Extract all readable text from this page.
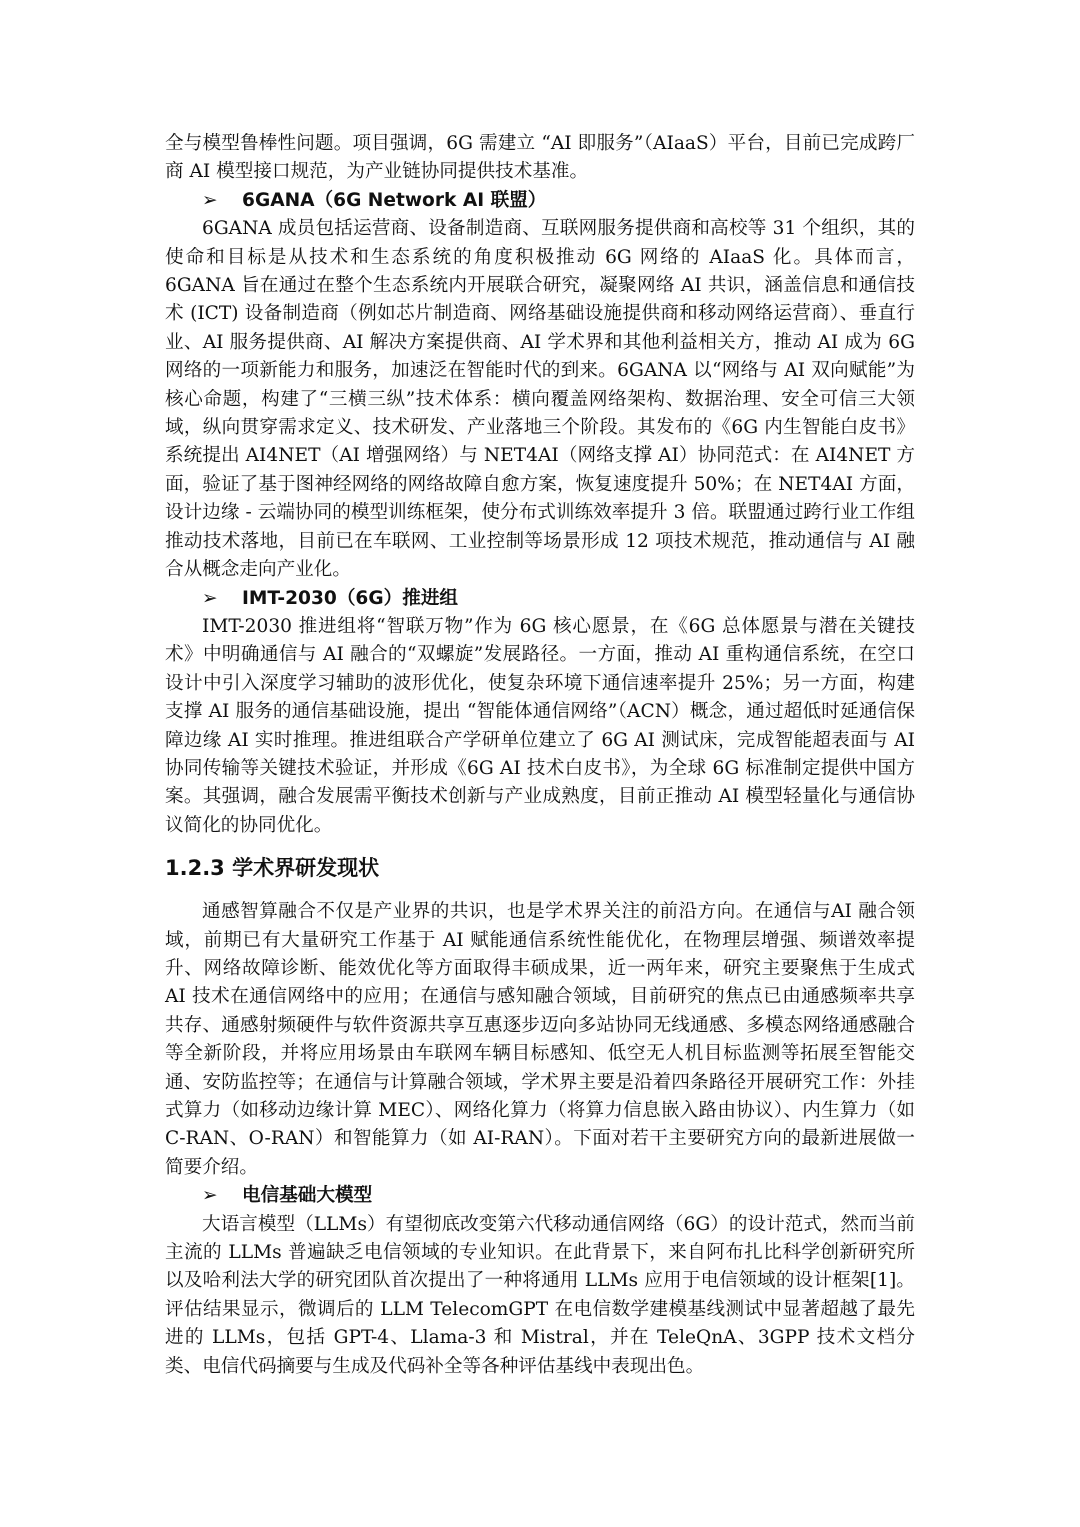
全与模型鲁棒性问题。项目强调，6G 需建立 “AI 即服务”（AIaaS）平台，目前已完成跨厂商 AI 模型接口规范，为产业链协同提供技术基准。

➢ 6GANA（6G Network AI 联盟）

6GANA 成员包括运营商、设备制造商、互联网服务提供商和高校等 31 个组织，其的使命和目标是从技术和生态系统的角度积极推动 6G 网络的 AIaaS 化。具体而言，6GANA 旨在通过在整个生态系统内开展联合研究，凝聚网络 AI 共识，涵盖信息和通信技术 (ICT) 设备制造商（例如芯片制造商、网络基础设施提供商和移动网络运营商）、垂直行业、AI 服务提供商、AI 解决方案提供商、AI 学术界和其他利益相关方，推动 AI 成为 6G 网络的一项新能力和服务，加速泛在智能时代的到来。6GANA 以“网络与 AI 双向赋能”为核心命题，构建了“三横三纵”技术体系：横向覆盖网络架构、数据治理、安全可信三大领域，纵向贯穿需求定义、技术研发、产业落地三个阶段。其发布的《6G 内生智能白皮书》系统提出 AI4NET（AI 增强网络）与 NET4AI（网络支撑 AI）协同范式：在 AI4NET 方面，验证了基于图神经网络的网络故障自愈方案，恢复速度提升 50%；在 NET4AI 方面，设计边缘 - 云端协同的模型训练框架，使分布式训练效率提升 3 倍。联盟通过跨行业工作组推动技术落地，目前已在车联网、工业控制等场景形成 12 项技术规范，推动通信与 AI 融合从概念走向产业化。

➢ IMT-2030（6G）推进组

IMT-2030 推进组将“智联万物”作为 6G 核心愿景，在《6G 总体愿景与潜在关键技术》中明确通信与 AI 融合的“双螺旋”发展路径。一方面，推动 AI 重构通信系统，在空口设计中引入深度学习辅助的波形优化，使复杂环境下通信速率提升 25%；另一方面，构建支撑 AI 服务的通信基础设施，提出 “智能体通信网络”（ACN）概念，通过超低时延通信保障边缘 AI 实时推理。推进组联合产学研单位建立了 6G AI 测试床，完成智能超表面与 AI 协同传输等关键技术验证，并形成《6G AI 技术白皮书》，为全球 6G 标准制定提供中国方案。其强调，融合发展需平衡技术创新与产业成熟度，目前正推动 AI 模型轻量化与通信协议简化的协同优化。

1.2.3 学术界研发现状

通感智算融合不仅是产业界的共识，也是学术界关注的前沿方向。在通信与AI 融合领域，前期已有大量研究工作基于 AI 赋能通信系统性能优化，在物理层增强、频谱效率提升、网络故障诊断、能效优化等方面取得丰硕成果，近一两年来，研究主要聚焦于生成式 AI 技术在通信网络中的应用；在通信与感知融合领域，目前研究的焦点已由通感频率共享共存、通感射频硬件与软件资源共享互惠逐步迈向多站协同无线通感、多模态网络通感融合等全新阶段，并将应用场景由车联网车辆目标感知、低空无人机目标监测等拓展至智能交通、安防监控等；在通信与计算融合领域，学术界主要是沿着四条路径开展研究工作：外挂式算力（如移动边缘计算 MEC）、网络化算力（将算力信息嵌入路由协议）、内生算力（如 C-RAN、O-RAN）和智能算力（如 AI-RAN）。下面对若干主要研究方向的最新进展做一简要介绍。

➢ 电信基础大模型

大语言模型（LLMs）有望彻底改变第六代移动通信网络（6G）的设计范式，然而当前主流的 LLMs 普遍缺乏电信领域的专业知识。在此背景下，来自阿布扎比科学创新研究所以及哈利法大学的研究团队首次提出了一种将通用 LLMs 应用于电信领域的设计框架[1]。评估结果显示，微调后的 LLM TelecomGPT 在电信数学建模基线测试中显著超越了最先进的 LLMs，包括 GPT-4、Llama-3 和 Mistral，并在 TeleQnA、3GPP 技术文档分类、电信代码摘要与生成及代码补全等各种评估基线中表现出色。
